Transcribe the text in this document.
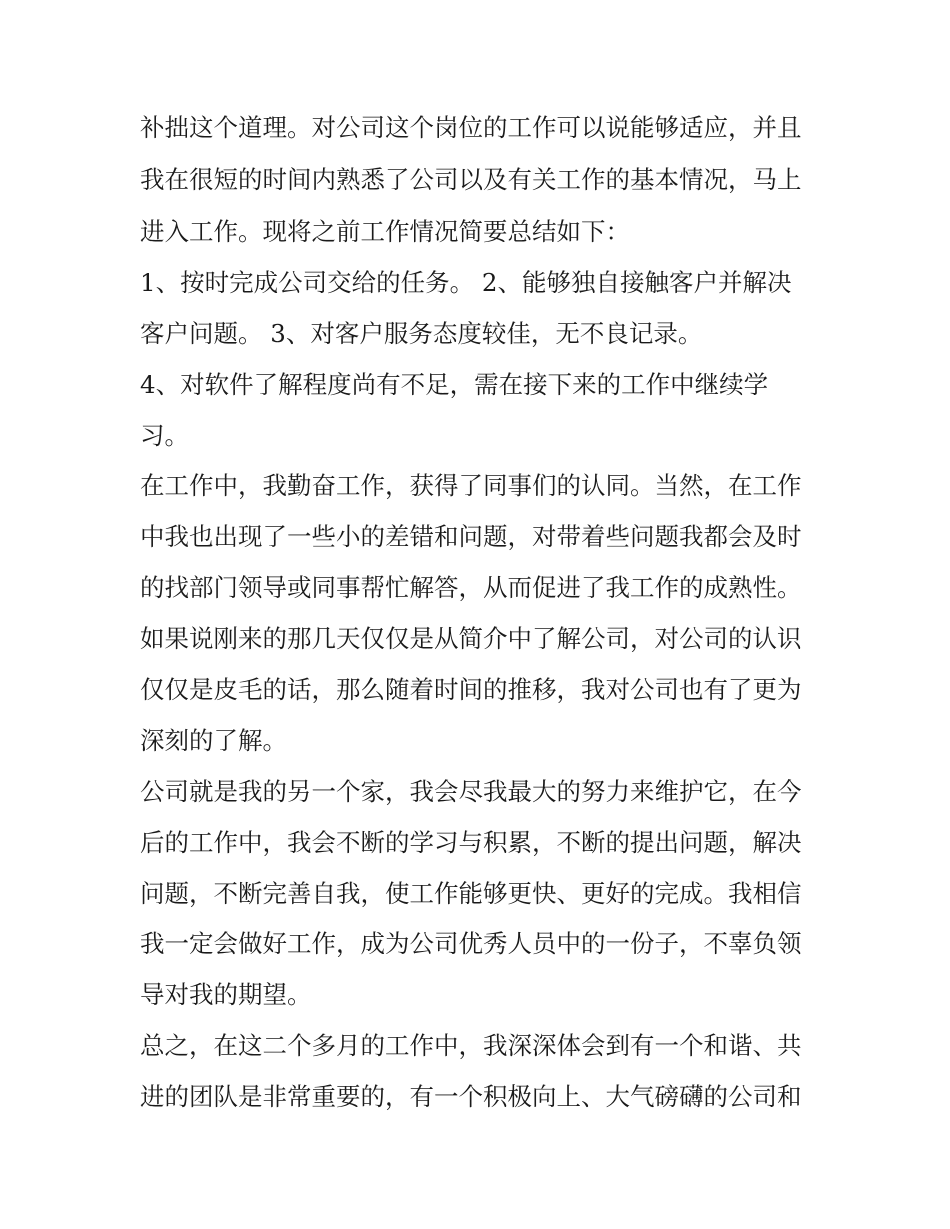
补拙这个道理。对公司这个岗位的工作可以说能够适应，并且
我在很短的时间内熟悉了公司以及有关工作的基本情况，马上
进入工作。现将之前工作情况简要总结如下：
1、按时完成公司交给的任务。 2、能够独自接触客户并解决
客户问题。 3、对客户服务态度较佳，无不良记录。
4、对软件了解程度尚有不足，需在接下来的工作中继续学
习。
在工作中，我勤奋工作，获得了同事们的认同。当然，在工作
中我也出现了一些小的差错和问题，对带着些问题我都会及时
的找部门领导或同事帮忙解答，从而促进了我工作的成熟性。
如果说刚来的那几天仅仅是从简介中了解公司，对公司的认识
仅仅是皮毛的话，那么随着时间的推移，我对公司也有了更为
深刻的了解。
公司就是我的另一个家，我会尽我最大的努力来维护它，在今
后的工作中，我会不断的学习与积累，不断的提出问题，解决
问题，不断完善自我，使工作能够更快、更好的完成。我相信
我一定会做好工作，成为公司优秀人员中的一份子，不辜负领
导对我的期望。
总之，在这二个多月的工作中，我深深体会到有一个和谐、共
进的团队是非常重要的，有一个积极向上、大气磅礴的公司和
